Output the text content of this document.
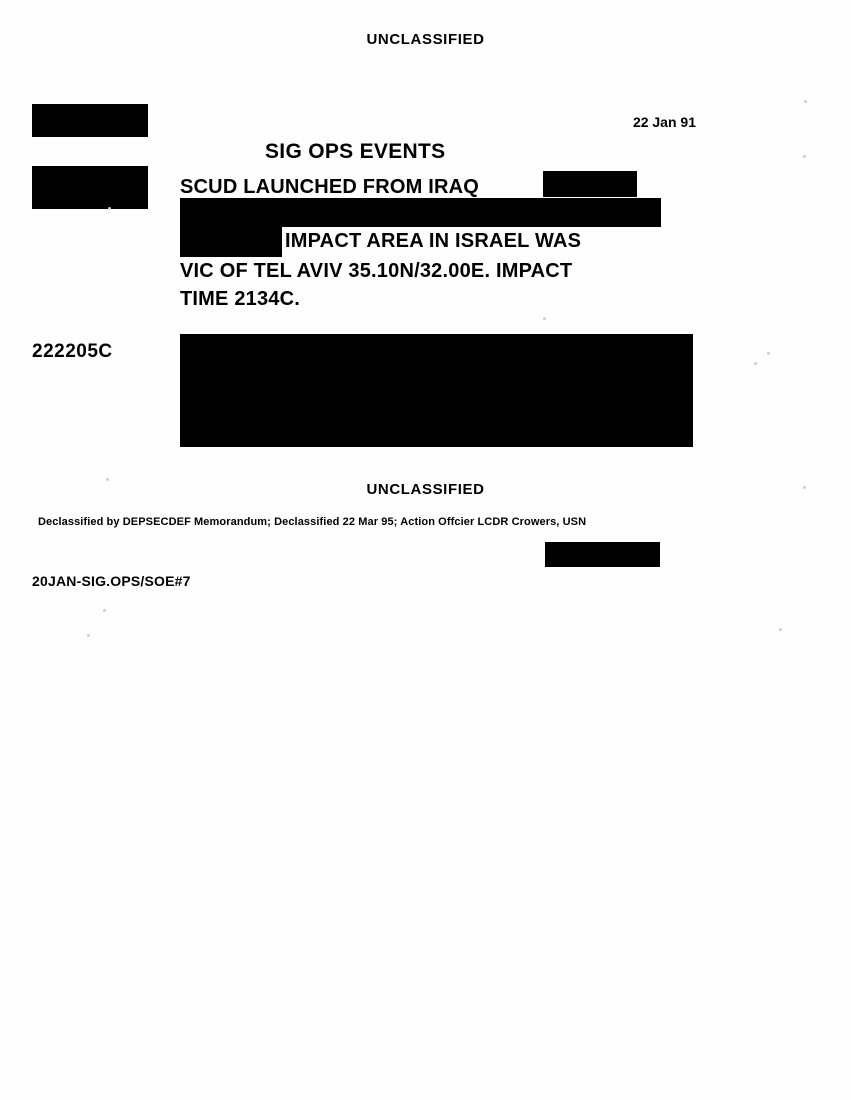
UNCLASSIFIED
22 Jan 91
SIG OPS EVENTS
SCUD LAUNCHED FROM IRAQ
IMPACT AREA IN ISRAEL WAS
VIC OF TEL AVIV 35.10N/32.00E. IMPACT
TIME 2134C.
222205C
UNCLASSIFIED
Declassified by DEPSECDEF Memorandum; Declassified 22 Mar 95; Action Offcier LCDR Crowers, USN
20JAN-SIG.OPS/SOE#7
